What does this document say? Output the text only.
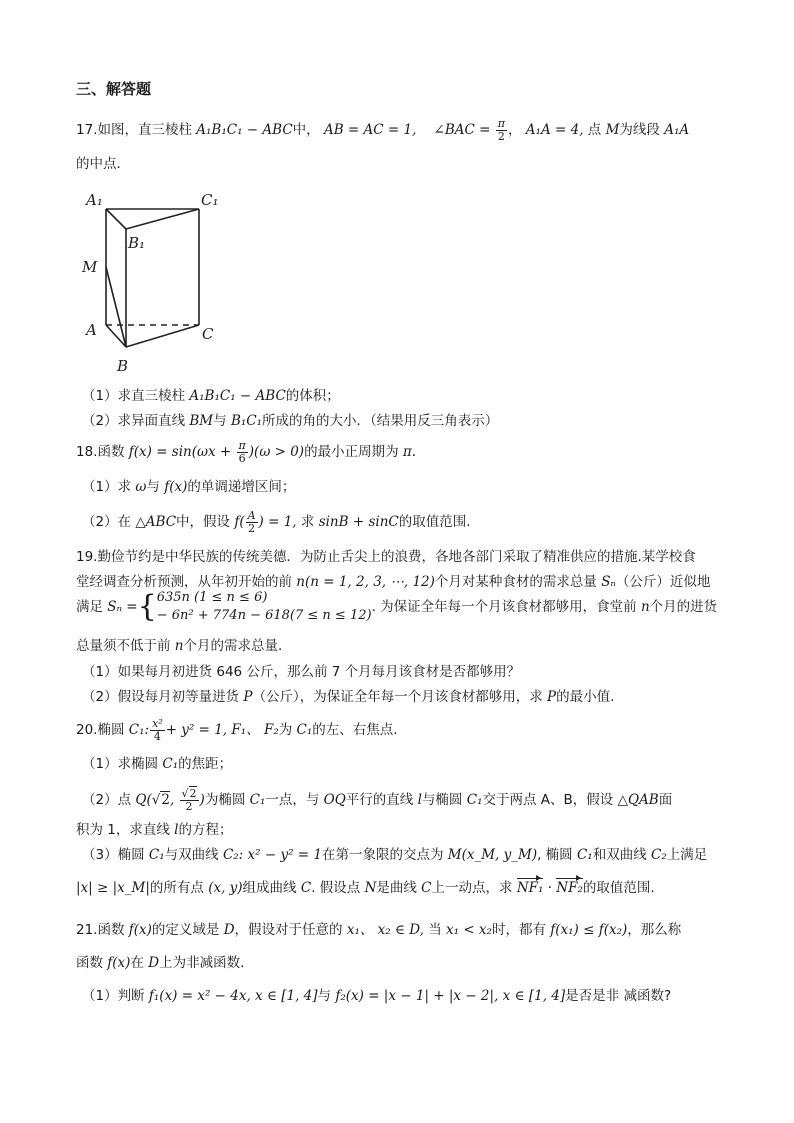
三、解答题
17.如图，直三棱柱 A₁B₁C₁ − ABC中， AB = AC = 1, ∠BAC = $\frac{\pi}{2}$ ， A₁A = 4, 点 M为线段 A₁A
的中点．
A₁	C₁
B₁
M
A	C
B
（1）求直三棱柱 A₁B₁C₁ − ABC的体积；
（2）求异面直线 BM与 B₁C₁所成的角的大小．（结果用反三角表示）
18.函数 $f(x) = \sin(\omega x + \frac{\pi}{6} )(\omega > 0)$的最小正周期为 π.
（1）求 ω与 f(x)的单调递增区间；
（2）在 △ABC中，假设 $f( \frac{A}{2}$ ) = 1, 求 sinB + sinC的取值范围.
19.勤俭节约是中华民族的传统美德．为防止舌尖上的浪费，各地各部门采取了精准供应的措施.某学校食
堂经调查分析预测，从年初开始的前 n(n = 1, 2, 3, ⋯, 12)个月对某种食材的需求总量 Sₙ（公斤）近似地
满足 Sₙ ={ 635n (1 ≤ n ≤ 6)
− 6n² + 774n − 618(7 ≤ n ≤ 12)
. 为保证全年每一个月该食材都够用，食堂前 n个月的进货
总量须不低于前 n个月的需求总量.
（1）如果每月初进货 646 公斤，那么前 7 个月每月该食材是否都够用？
（2）假设每月初等量进货 P（公斤），为保证全年每一个月该食材都够用，求 P的最小值.
20.椭圆 C₁: $\frac{\text{x²}}{4} + y^2 = 1$, F₁、 F₂为 C₁的左、右焦点.
（1）求椭圆 C₁的焦距；
（2）点 Q(√2, $\frac{√2}{2}$ )为椭圆 C₁一点，与 OQ平行的直线 l与椭圆 C₁交于两点 A、B，假设 △QAB面
积为 1，求直线 l的方程；
（3）椭圆 C₁与双曲线 C₂: x² − y² = 1在第一象限的交点为 M(x_M, y_M), 椭圆 C₁和双曲线 C₂上满足
|x| ≥ |x_M|的所有点 (x, y)组成曲线 C. 假设点 N是曲线 C上一动点，求 NF₁ · NF₂的取值范围.
21.函数 f(x)的定义域是 D，假设对于任意的 x₁、 x₂ ∈ D, 当 x₁ < x₂时，都有 f(x₁) ≤ f(x₂)，那么称
函数 f(x)在 D上为非减函数.
（1）判断 f₁(x) = x² − 4x, x ∈ [1, 4]与 f₂(x) = |x − 1| + |x − 2|, x ∈ [1, 4]是否是非 减函数?
